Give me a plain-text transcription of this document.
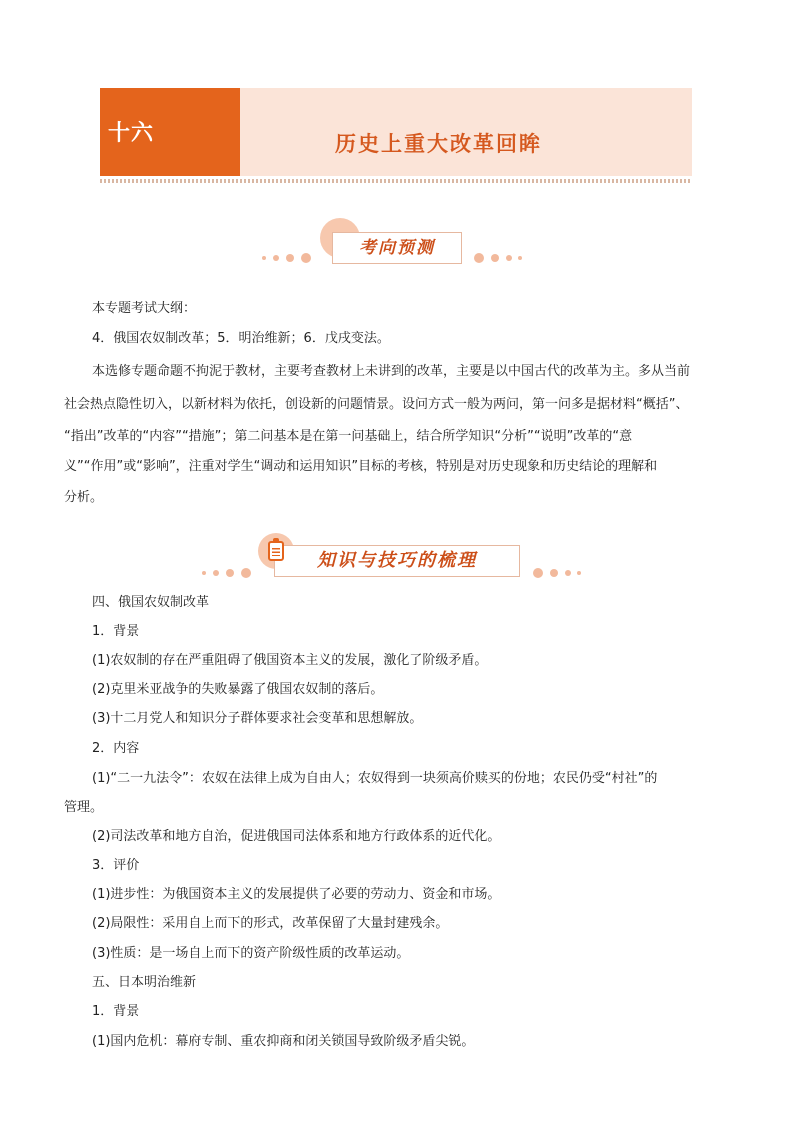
十六	历史上重大改革回眸
考向预测
本专题考试大纲：
4．俄国农奴制改革；5．明治维新；6．戊戌变法。
本选修专题命题不拘泥于教材，主要考查教材上未讲到的改革，主要是以中国古代的改革为主。多从当前
社会热点隐性切入，以新材料为依托，创设新的问题情景。设问方式一般为两问，第一问多是据材料“概括”、
“指出”改革的“内容”“措施”；第二问基本是在第一问基础上，结合所学知识“分析”“说明”改革的“意
义”“作用”或“影响”，注重对学生“调动和运用知识”目标的考核，特别是对历史现象和历史结论的理解和
分析。
知识与技巧的梳理
四、俄国农奴制改革
1．背景
(1)农奴制的存在严重阻碍了俄国资本主义的发展，激化了阶级矛盾。
(2)克里米亚战争的失败暴露了俄国农奴制的落后。
(3)十二月党人和知识分子群体要求社会变革和思想解放。
2．内容
(1)“二一九法令”：农奴在法律上成为自由人；农奴得到一块须高价赎买的份地；农民仍受“村社”的
管理。
(2)司法改革和地方自治，促进俄国司法体系和地方行政体系的近代化。
3．评价
(1)进步性：为俄国资本主义的发展提供了必要的劳动力、资金和市场。
(2)局限性：采用自上而下的形式，改革保留了大量封建残余。
(3)性质：是一场自上而下的资产阶级性质的改革运动。
五、日本明治维新
1．背景
(1)国内危机：幕府专制、重农抑商和闭关锁国导致阶级矛盾尖锐。
